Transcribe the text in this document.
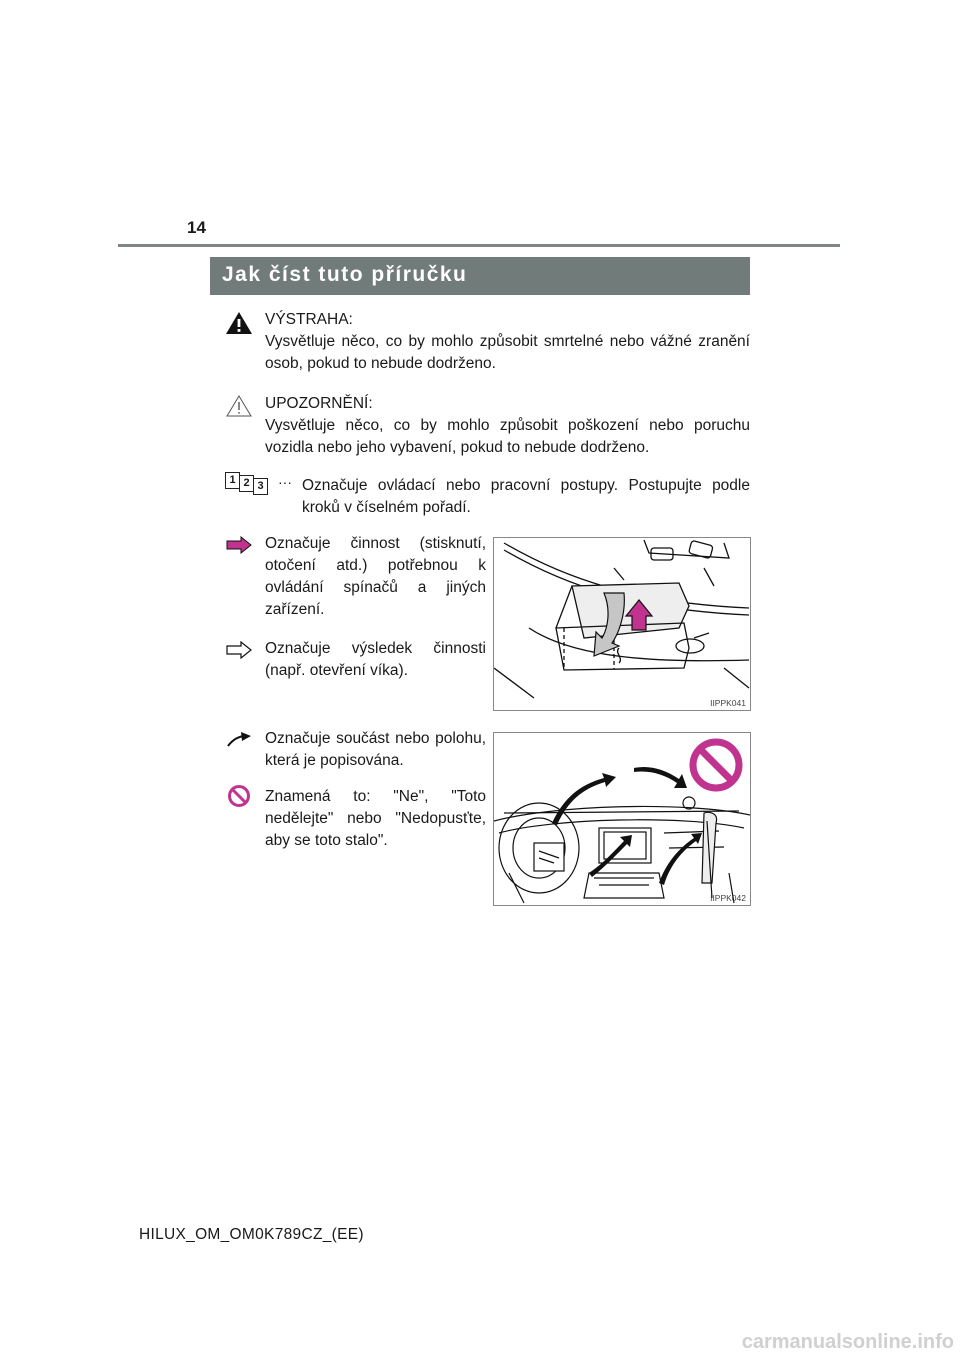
14
Jak číst tuto příručku

VÝSTRAHA:

Vysvětluje něco, co by mohlo způsobit smrtelné nebo vážné zranění osob, pokud to nebude dodrženo.

UPOZORNĚNÍ:

Vysvětluje něco, co by mohlo způsobit poškození nebo poruchu vozidla nebo jeho vybavení, pokud to nebude dodrženo.

1 2 3	··· Označuje ovládací nebo pracovní postupy. Postupujte podle kroků v číselném pořadí.
Označuje činnost (stisknutí, otočení atd.) potřebnou k ovládání spínačů a jiných zařízení.
Označuje výsledek činnosti (např. otevření víka).
IIPPK041
Označuje součást nebo polohu, která je popisována.
Znamená to: "Ne", "Toto nedělejte" nebo "Nedopusťte, aby se toto stalo".
IIPPK042
HILUX_OM_OM0K789CZ_(EE)
carmanualsonline.info
